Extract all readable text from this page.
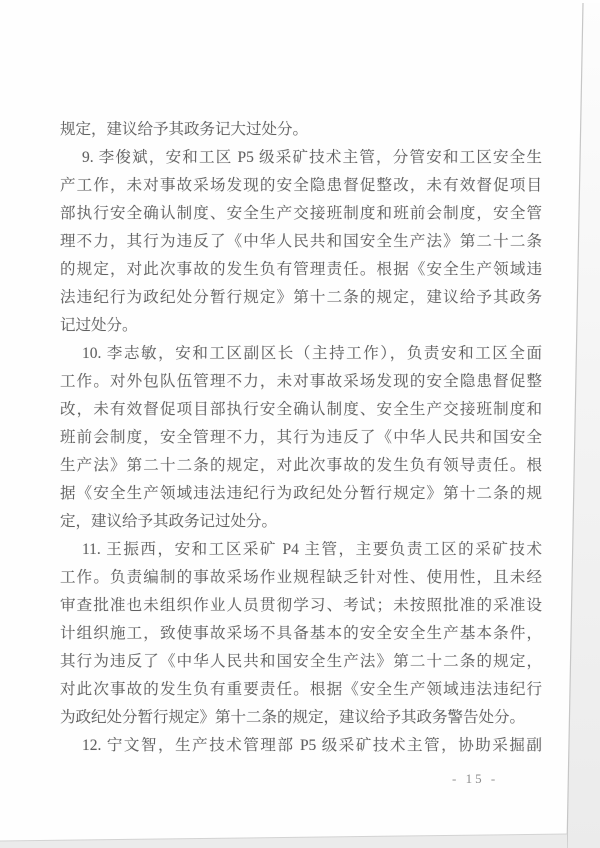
规定，建议给予其政务记大过处分。
9. 李俊斌，安和工区 P5 级采矿技术主管，分管安和工区安全生
产工作，未对事故采场发现的安全隐患督促整改，未有效督促项目
部执行安全确认制度、安全生产交接班制度和班前会制度，安全管
理不力，其行为违反了《中华人民共和国安全生产法》第二十二条
的规定，对此次事故的发生负有管理责任。根据《安全生产领域违
法违纪行为政纪处分暂行规定》第十二条的规定，建议给予其政务
记过处分。
10. 李志敏，安和工区副区长（主持工作），负责安和工区全面
工作。对外包队伍管理不力，未对事故采场发现的安全隐患督促整
改，未有效督促项目部执行安全确认制度、安全生产交接班制度和
班前会制度，安全管理不力，其行为违反了《中华人民共和国安全
生产法》第二十二条的规定，对此次事故的发生负有领导责任。根
据《安全生产领域违法违纪行为政纪处分暂行规定》第十二条的规
定，建议给予其政务记过处分。
11. 王振西，安和工区采矿 P4 主管，主要负责工区的采矿技术
工作。负责编制的事故采场作业规程缺乏针对性、使用性，且未经
审查批准也未组织作业人员贯彻学习、考试；未按照批准的采准设
计组织施工，致使事故采场不具备基本的安全安全生产基本条件，
其行为违反了《中华人民共和国安全生产法》第二十二条的规定，
对此次事故的发生负有重要责任。根据《安全生产领域违法违纪行
为政纪处分暂行规定》第十二条的规定，建议给予其政务警告处分。
12. 宁文智，生产技术管理部 P5 级采矿技术主管，协助采掘副
- 15 -
